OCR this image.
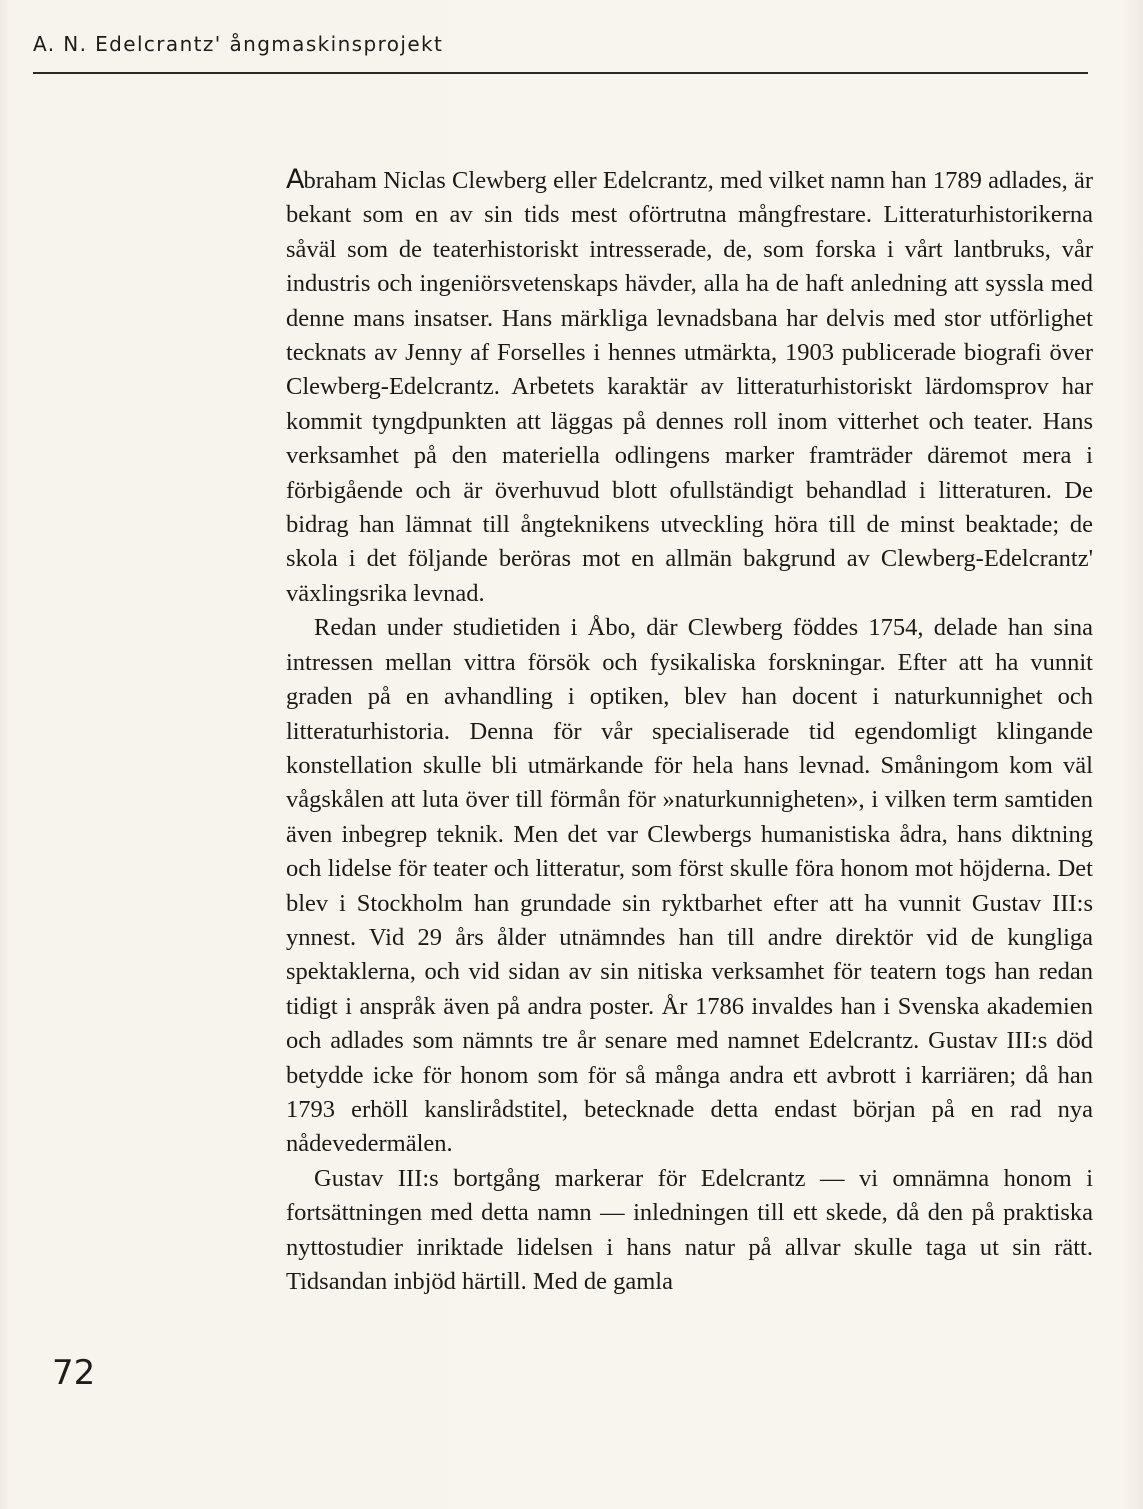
A. N. Edelcrantz' ångmaskinsprojekt

Abraham Niclas Clewberg eller Edelcrantz, med vilket namn han 1789 adlades, är bekant som en av sin tids mest oförtrutna mångfrestare. Litteraturhistorikerna såväl som de teaterhistoriskt intresserade, de, som forska i vårt lantbruks, vår industris och ingeniörsvetenskaps hävder, alla ha de haft anledning att syssla med denne mans insatser. Hans märkliga levnadsbana har delvis med stor utförlighet tecknats av Jenny af Forselles i hennes utmärkta, 1903 publicerade biografi över Clewberg-Edelcrantz. Arbetets karaktär av litteraturhistoriskt lärdomsprov har kommit tyngdpunkten att läggas på dennes roll inom vitterhet och teater. Hans verksamhet på den materiella odlingens marker framträder däremot mera i förbigående och är överhuvud blott ofullständigt behandlad i litteraturen. De bidrag han lämnat till ångteknikens utveckling höra till de minst beaktade; de skola i det följande beröras mot en allmän bakgrund av Clewberg-Edelcrantz' växlingsrika levnad.

Redan under studietiden i Åbo, där Clewberg föddes 1754, delade han sina intressen mellan vittra försök och fysikaliska forskningar. Efter att ha vunnit graden på en avhandling i optiken, blev han docent i naturkunnighet och litteraturhistoria. Denna för vår specialiserade tid egendomligt klingande konstellation skulle bli utmärkande för hela hans levnad. Småningom kom väl vågskålen att luta över till förmån för »naturkunnigheten», i vilken term samtiden även inbegrep teknik. Men det var Clewbergs humanistiska ådra, hans diktning och lidelse för teater och litteratur, som först skulle föra honom mot höjderna. Det blev i Stockholm han grundade sin ryktbarhet efter att ha vunnit Gustav III:s ynnest. Vid 29 års ålder utnämndes han till andre direktör vid de kungliga spektaklerna, och vid sidan av sin nitiska verksamhet för teatern togs han redan tidigt i anspråk även på andra poster. År 1786 invaldes han i Svenska akademien och adlades som nämnts tre år senare med namnet Edelcrantz. Gustav III:s död betydde icke för honom som för så många andra ett avbrott i karriären; då han 1793 erhöll kanslirådstitel, betecknade detta endast början på en rad nya nådevedermälen.

Gustav III:s bortgång markerar för Edelcrantz — vi omnämna honom i fortsättningen med detta namn — inledningen till ett skede, då den på praktiska nyttostudier inriktade lidelsen i hans natur på allvar skulle taga ut sin rätt. Tidsandan inbjöd härtill. Med de gamla

72
